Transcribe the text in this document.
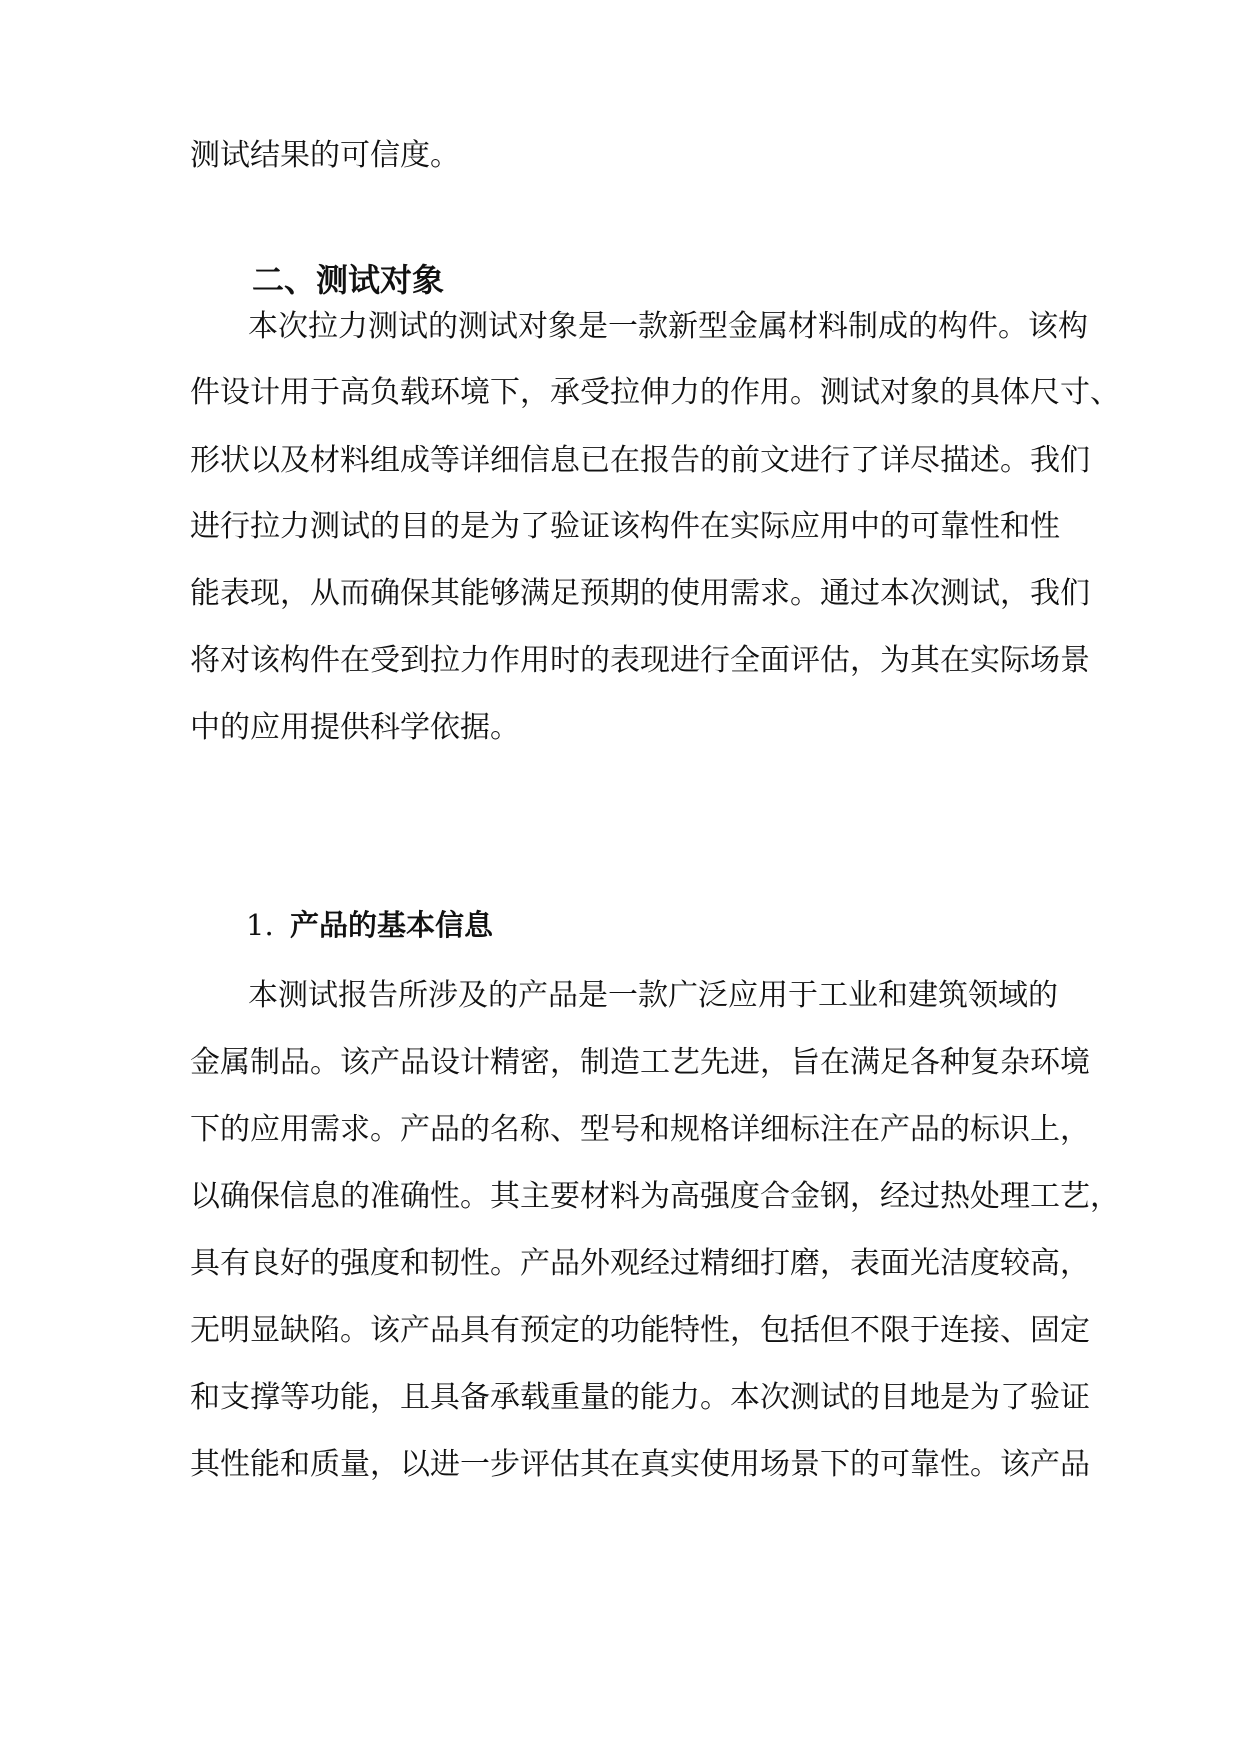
测试结果的可信度。
二、测试对象
本次拉力测试的测试对象是一款新型金属材料制成的构件。该构
件设计用于高负载环境下，承受拉伸力的作用。测试对象的具体尺寸、
形状以及材料组成等详细信息已在报告的前文进行了详尽描述。我们
进行拉力测试的目的是为了验证该构件在实际应用中的可靠性和性
能表现，从而确保其能够满足预期的使用需求。通过本次测试，我们
将对该构件在受到拉力作用时的表现进行全面评估，为其在实际场景
中的应用提供科学依据。
1. 产品的基本信息
本测试报告所涉及的产品是一款广泛应用于工业和建筑领域的
金属制品。该产品设计精密，制造工艺先进，旨在满足各种复杂环境
下的应用需求。产品的名称、型号和规格详细标注在产品的标识上，
以确保信息的准确性。其主要材料为高强度合金钢，经过热处理工艺，
具有良好的强度和韧性。产品外观经过精细打磨，表面光洁度较高，
无明显缺陷。该产品具有预定的功能特性，包括但不限于连接、固定
和支撑等功能，且具备承载重量的能力。本次测试的目地是为了验证
其性能和质量，以进一步评估其在真实使用场景下的可靠性。该产品
